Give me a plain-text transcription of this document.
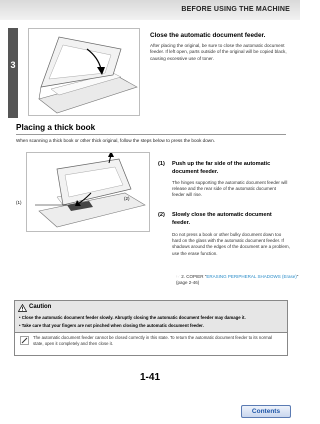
BEFORE USING THE MACHINE
3
Close the automatic document feeder.
After placing the original, be sure to close the automatic document feeder. If left open, parts outside of the original will be copied black, causing excessive use of toner.
Placing a thick book
When scanning a thick book or other thick original, follow the steps below to press the book down.
(1)
(2)
(1) Push up the far side of the automatic document feeder.
The hinges supporting the automatic document feeder will release and the rear side of the automatic document feeder will rise.
(2) Slowly close the automatic document feeder.
Do not press a book or other bulky document down too hard on the glass with the automatic document feeder. If shadows around the edges of the document are a problem, use the erase function.
☞ 2. COPIER "ERASING PERIPHERAL SHADOWS (Erase)" (page 2-46)
Caution
• Close the automatic document feeder slowly. Abruptly closing the automatic document feeder may damage it.
• Take care that your fingers are not pinched when closing the automatic document feeder.
The automatic document feeder cannot be closed correctly in this state. To return the automatic document feeder to its normal state, open it completely and then close it.
1-41
Contents
